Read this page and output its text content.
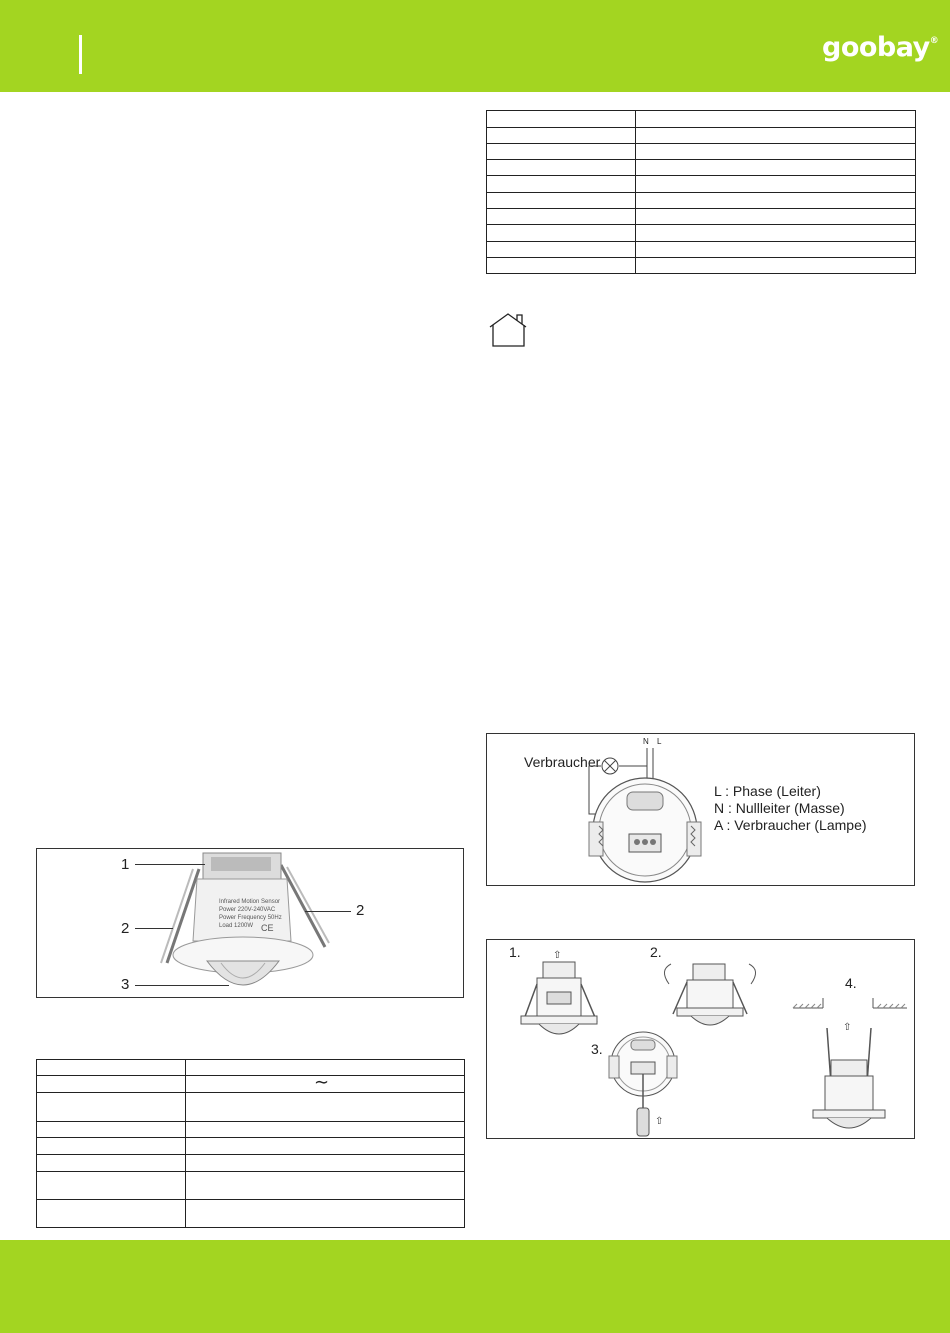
goobay®

Infrared Motion Sensor
Power 220V-240VAC
Power Frequency 50Hz
Load 1200W CE
1
2
2
3

	∼

N L
Verbraucher
L : Phase (Leiter)
N : Nullleiter (Masse)
A : Verbraucher (Lampe)
1.	2.
3.
4.
⇧
⇧
⇧
